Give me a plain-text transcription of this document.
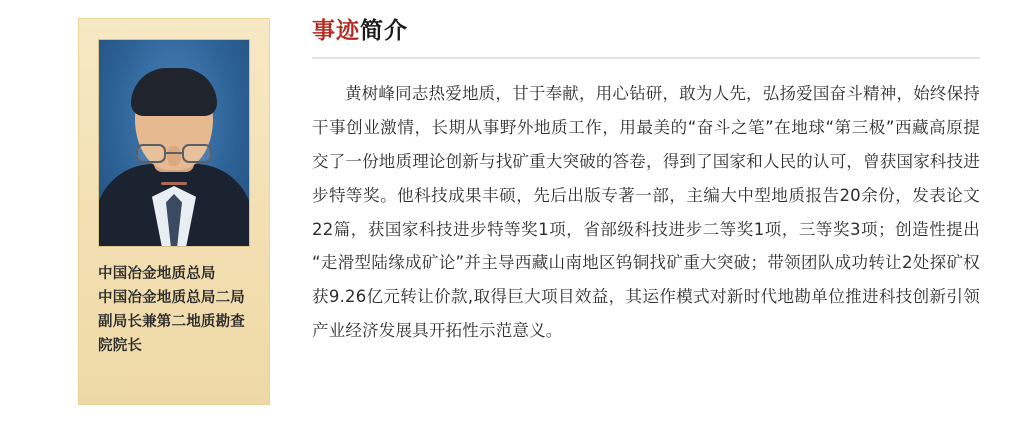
中国冶金地质总局
中国冶金地质总局二局
副局长兼第二地质勘查
院院长
事迹简介

黄树峰同志热爱地质，甘于奉献，用心钻研，敢为人先，弘扬爱国奋斗精神，始终保持干事创业激情，长期从事野外地质工作，用最美的“奋斗之笔”在地球“第三极”西藏高原提交了一份地质理论创新与找矿重大突破的答卷，得到了国家和人民的认可，曾获国家科技进步特等奖。他科技成果丰硕，先后出版专著一部，主编大中型地质报告20余份，发表论文22篇，获国家科技进步特等奖1项，省部级科技进步二等奖1项，三等奖3项；创造性提出“走滑型陆缘成矿论”并主导西藏山南地区钨铜找矿重大突破；带领团队成功转让2处探矿权获9.26亿元转让价款,取得巨大项目效益，其运作模式对新时代地勘单位推进科技创新引领产业经济发展具开拓性示范意义。
